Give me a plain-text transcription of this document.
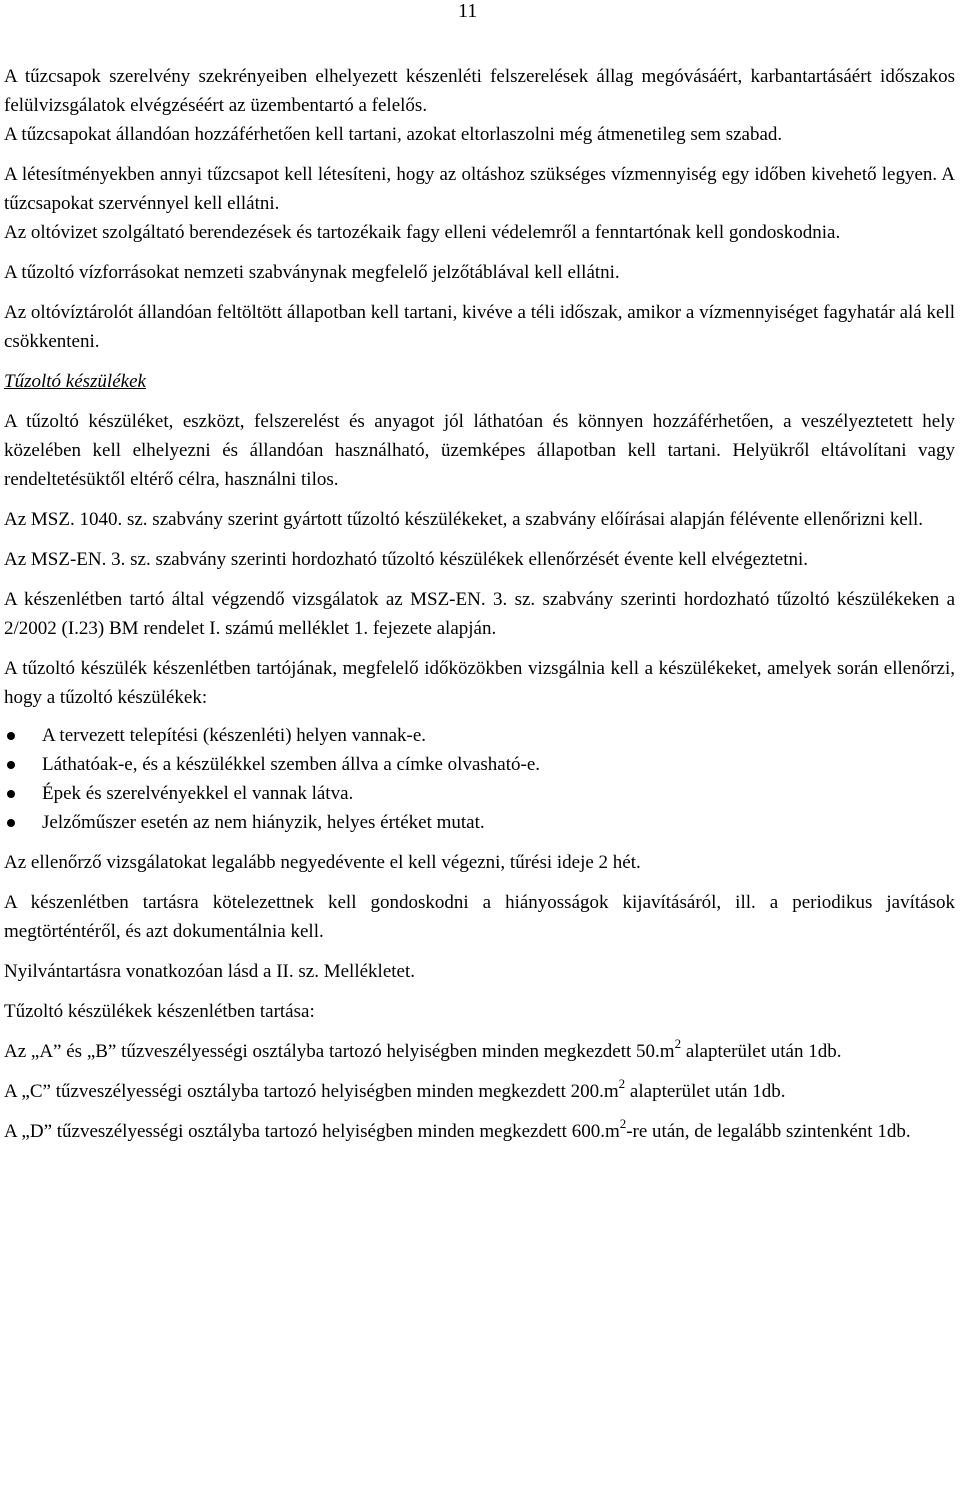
11

A tűzcsapok szerelvény szekrényeiben elhelyezett készenléti felszerelések állag megóvásáért, karbantartásáért időszakos felülvizsgálatok elvégzéséért az üzembentartó a felelős.

A tűzcsapokat állandóan hozzáférhetően kell tartani, azokat eltorlaszolni még átmenetileg sem szabad.

A létesítményekben annyi tűzcsapot kell létesíteni, hogy az oltáshoz szükséges vízmennyiség egy időben kivehető legyen. A tűzcsapokat szervénnyel kell ellátni.

Az oltóvizet szolgáltató berendezések és tartozékaik fagy elleni védelemről a fenntartónak kell gondoskodnia.

A tűzoltó vízforrásokat nemzeti szabványnak megfelelő jelzőtáblával kell ellátni.

Az oltóvíztárolót állandóan feltöltött állapotban kell tartani, kivéve a téli időszak, amikor a vízmennyiséget fagyhatár alá kell csökkenteni.

Tűzoltó készülékek

A tűzoltó készüléket, eszközt, felszerelést és anyagot jól láthatóan és könnyen hozzáférhetően, a veszélyeztetett hely közelében kell elhelyezni és állandóan használható, üzemképes állapotban kell tartani. Helyükről eltávolítani vagy rendeltetésüktől eltérő célra, használni tilos.

Az MSZ. 1040. sz. szabvány szerint gyártott tűzoltó készülékeket, a szabvány előírásai alapján félévente ellenőrizni kell.

Az MSZ-EN. 3. sz. szabvány szerinti hordozható tűzoltó készülékek ellenőrzését évente kell elvégeztetni.

A készenlétben tartó által végzendő vizsgálatok az MSZ-EN. 3. sz. szabvány szerinti hordozható tűzoltó készülékeken a 2/2002 (I.23) BM rendelet I. számú melléklet 1. fejezete alapján.

A tűzoltó készülék készenlétben tartójának, megfelelő időközökben vizsgálnia kell a készülékeket, amelyek során ellenőrzi, hogy a tűzoltó készülékek:

A tervezett telepítési (készenléti) helyen vannak-e.
Láthatóak-e, és a készülékkel szemben állva a címke olvasható-e.
Épek és szerelvényekkel el vannak látva.
Jelzőműszer esetén az nem hiányzik, helyes értéket mutat.

Az ellenőrző vizsgálatokat legalább negyedévente el kell végezni, tűrési ideje 2 hét.

A készenlétben tartásra kötelezettnek kell gondoskodni a hiányosságok kijavításáról, ill. a periodikus javítások megtörténtéről, és azt dokumentálnia kell.

Nyilvántartásra vonatkozóan lásd a II. sz. Mellékletet.

Tűzoltó készülékek készenlétben tartása:

Az „A” és „B” tűzveszélyességi osztályba tartozó helyiségben minden megkezdett $50.m^2$ alapterület után 1db.

A „C” tűzveszélyességi osztályba tartozó helyiségben minden megkezdett $200.m^2$ alapterület után 1db.

A „D” tűzveszélyességi osztályba tartozó helyiségben minden megkezdett $600.m^2-re$ után, de legalább szintenként 1db.
